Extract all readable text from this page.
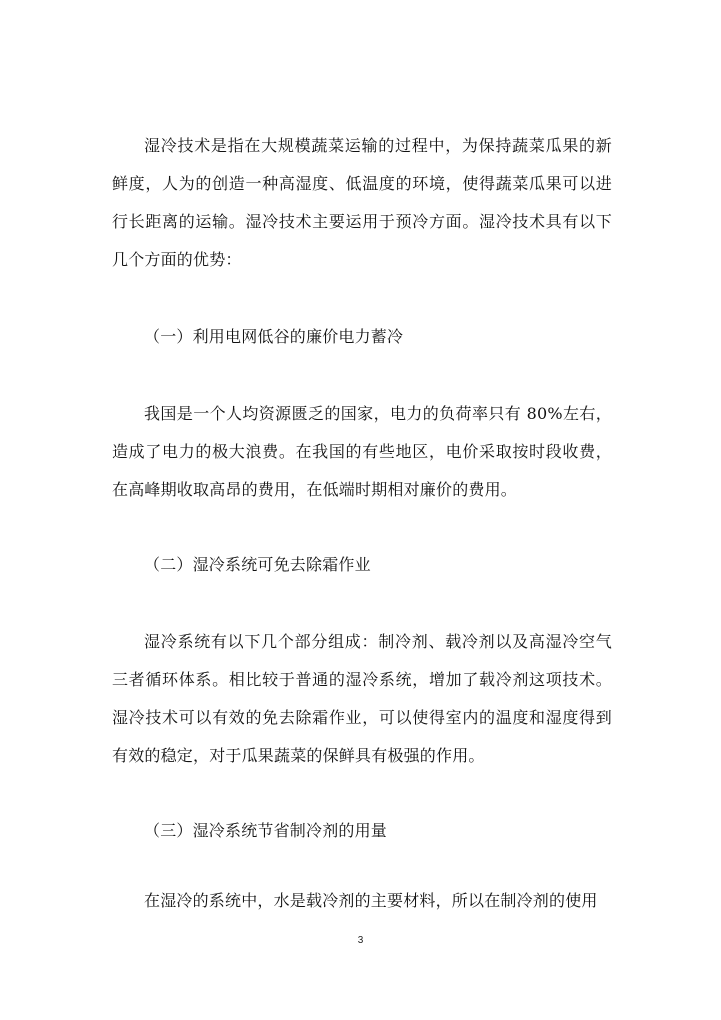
湿冷技术是指在大规模蔬菜运输的过程中，为保持蔬菜瓜果的新鲜度，人为的创造一种高湿度、低温度的环境，使得蔬菜瓜果可以进行长距离的运输。湿冷技术主要运用于预冷方面。湿冷技术具有以下几个方面的优势：

（一）利用电网低谷的廉价电力蓄冷

我国是一个人均资源匮乏的国家，电力的负荷率只有 80%左右，造成了电力的极大浪费。在我国的有些地区，电价采取按时段收费，在高峰期收取高昂的费用，在低端时期相对廉价的费用。

（二）湿冷系统可免去除霜作业

湿冷系统有以下几个部分组成：制冷剂、载冷剂以及高湿冷空气三者循环体系。相比较于普通的湿冷系统，增加了载冷剂这项技术。湿冷技术可以有效的免去除霜作业，可以使得室内的温度和湿度得到有效的稳定，对于瓜果蔬菜的保鲜具有极强的作用。

（三）湿冷系统节省制冷剂的用量

在湿冷的系统中，水是载冷剂的主要材料，所以在制冷剂的使用

3
